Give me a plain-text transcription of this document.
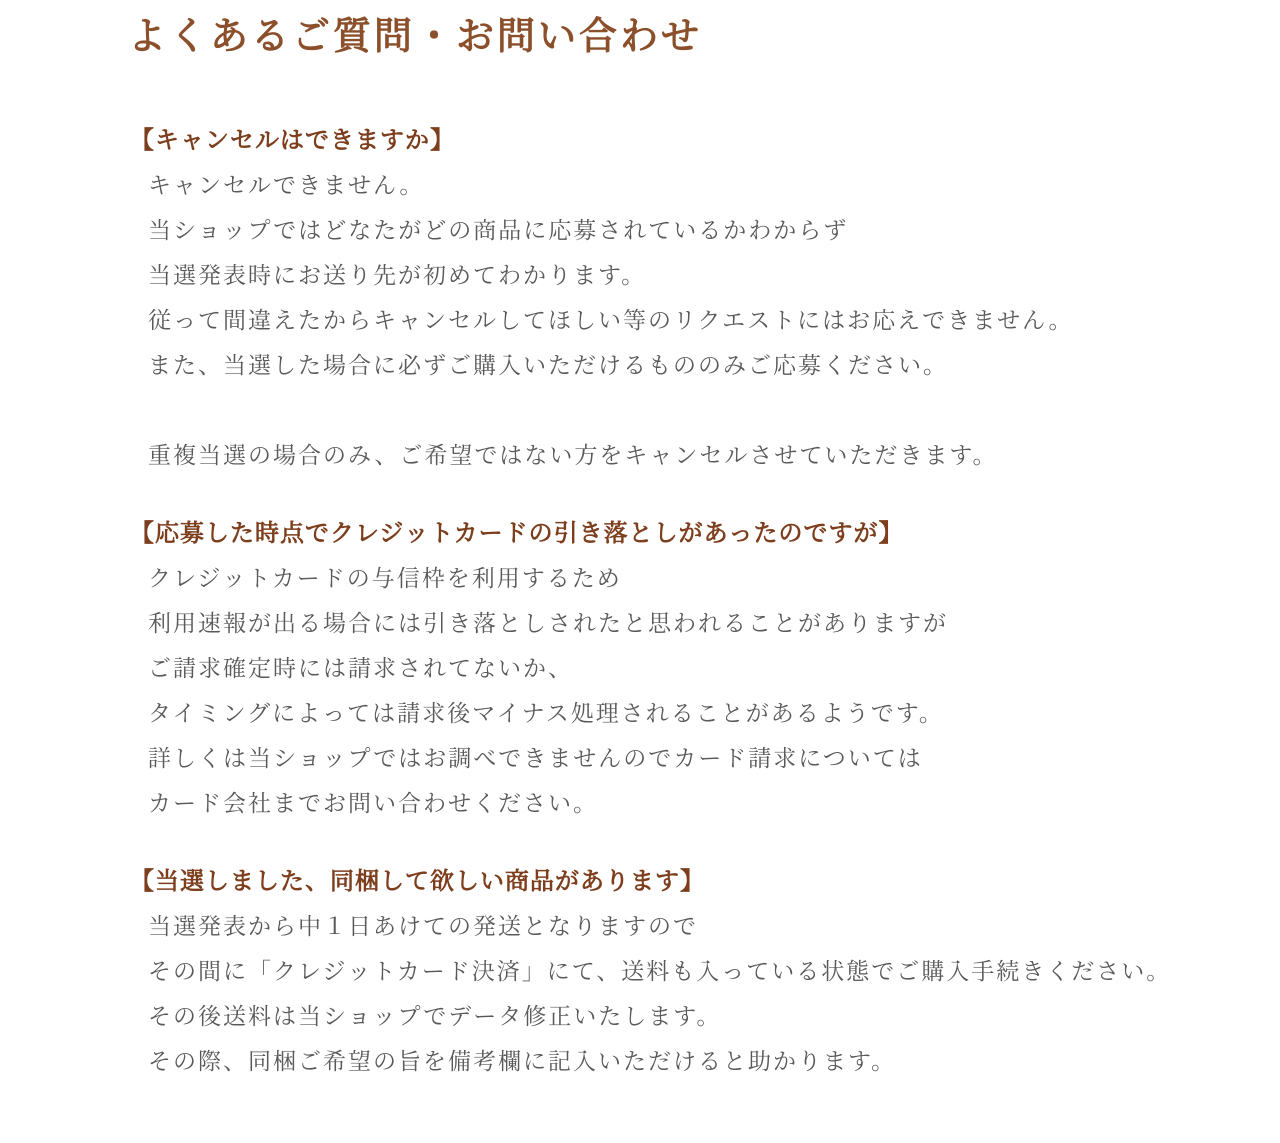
よくあるご質問・お問い合わせ
【キャンセルはできますか】

キャンセルできません。

当ショップではどなたがどの商品に応募されているかわからず

当選発表時にお送り先が初めてわかります。

従って間違えたからキャンセルしてほしい等のリクエストにはお応えできません。

また、当選した場合に必ずご購入いただけるもののみご応募ください。

重複当選の場合のみ、ご希望ではない方をキャンセルさせていただきます。

【応募した時点でクレジットカードの引き落としがあったのですが】

クレジットカードの与信枠を利用するため

利用速報が出る場合には引き落としされたと思われることがありますが

ご請求確定時には請求されてないか、

タイミングによっては請求後マイナス処理されることがあるようです。

詳しくは当ショップではお調べできませんのでカード請求については

カード会社までお問い合わせください。

【当選しました、同梱して欲しい商品があります】

当選発表から中１日あけての発送となりますので

その間に「クレジットカード決済」にて、送料も入っている状態でご購入手続きください。

その後送料は当ショップでデータ修正いたします。

その際、同梱ご希望の旨を備考欄に記入いただけると助かります。
